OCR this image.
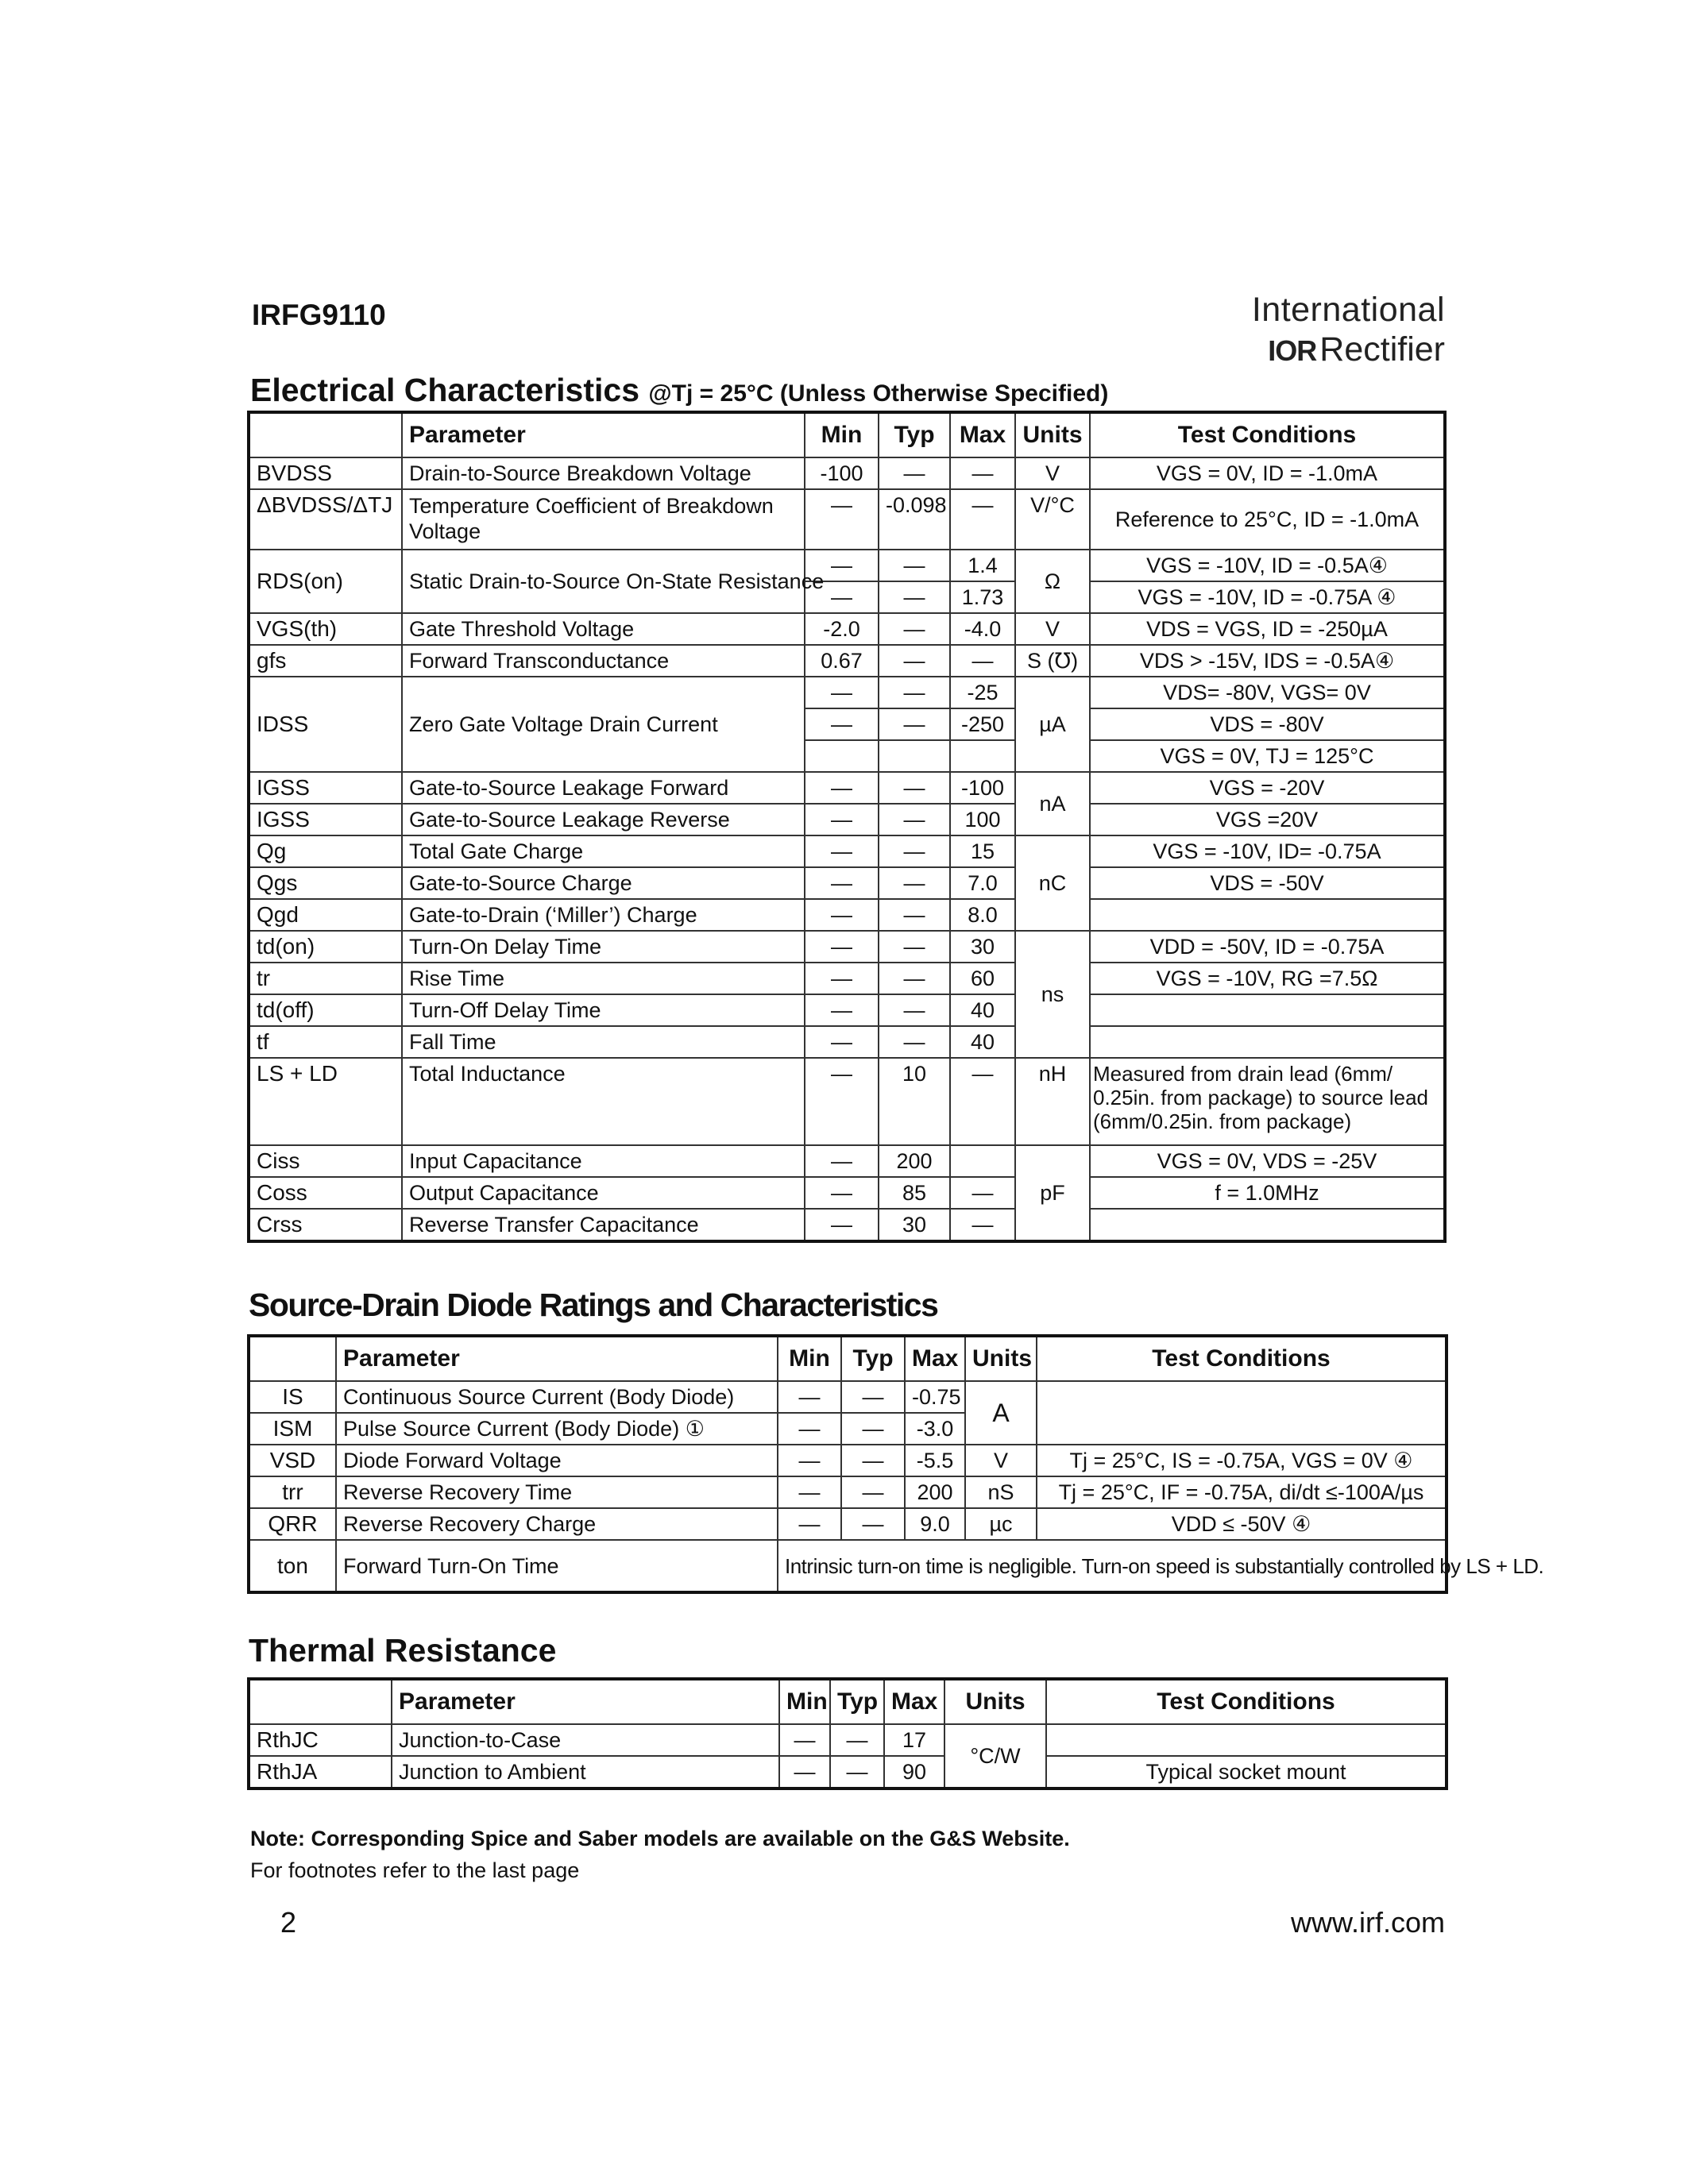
IRFG9110	International
IORRectifier
Electrical Characteristics @Tj = 25°C (Unless Otherwise Specified)
	Parameter	Min	Typ	Max	Units	Test Conditions
BVDSS	Drain-to-Source Breakdown Voltage	-100	—	—	V	VGS = 0V, ID = -1.0mA
ΔBVDSS/ΔTJ	Temperature Coefficient of Breakdown Voltage	—	-0.098	—	V/°C	Reference to 25°C, ID = -1.0mA
RDS(on)	Static Drain-to-Source On-State Resistance	—	—	1.4	Ω	VGS = -10V, ID = -0.5A④
		—	—	1.73		VGS = -10V, ID = -0.75A ④
VGS(th)	Gate Threshold Voltage	-2.0	—	-4.0	V	VDS = VGS, ID = -250µA
gfs	Forward Transconductance	0.67	—	—	S (℧)	VDS > -15V, IDS = -0.5A④
IDSS	Zero Gate Voltage Drain Current	—	—	-25	µA	VDS= -80V, VGS= 0V
		—	—	-250		VDS = -80V
						VGS = 0V, TJ = 125°C
IGSS	Gate-to-Source Leakage Forward	—	—	-100	nA	VGS = -20V
IGSS	Gate-to-Source Leakage Reverse	—	—	100		VGS =20V
Qg	Total Gate Charge	—	—	15	nC	VGS = -10V, ID= -0.75A
Qgs	Gate-to-Source Charge	—	—	7.0		VDS = -50V
Qgd	Gate-to-Drain (‘Miller’) Charge	—	—	8.0		
td(on)	Turn-On Delay Time	—	—	30	ns	VDD = -50V, ID = -0.75A
tr	Rise Time	—	—	60		VGS = -10V, RG =7.5Ω
td(off)	Turn-Off Delay Time	—	—	40		
tf	Fall Time	—	—	40		
LS + LD	Total Inductance	—	10	—	nH	Measured from drain lead (6mm/ 0.25in. from package) to source lead (6mm/0.25in. from package)
Ciss	Input Capacitance	—	200		pF	VGS = 0V, VDS = -25V
Coss	Output Capacitance	—	85	—		f = 1.0MHz
Crss	Reverse Transfer Capacitance	—	30	—		
Source-Drain Diode Ratings and Characteristics
	Parameter	Min	Typ	Max	Units	Test Conditions
IS	Continuous Source Current (Body Diode)	—	—	-0.75	A	
ISM	Pulse Source Current (Body Diode) ①	—	—	-3.0		
VSD	Diode Forward Voltage	—	—	-5.5	V	Tj = 25°C, IS = -0.75A, VGS = 0V ④
trr	Reverse Recovery Time	—	—	200	nS	Tj = 25°C, IF = -0.75A, di/dt ≤-100A/µs
QRR	Reverse Recovery Charge	—	—	9.0	µc	VDD ≤ -50V ④
ton	Forward Turn-On Time	Intrinsic turn-on time is negligible. Turn-on speed is substantially controlled by LS + LD.				
Thermal Resistance
	Parameter	Min	Typ	Max	Units	Test Conditions
RthJC	Junction-to-Case	—	—	17	°C/W	
RthJA	Junction to Ambient	—	—	90		Typical socket mount
Note: Corresponding Spice and Saber models are available on the G&S Website.
For footnotes refer to the last page
2	www.irf.com
